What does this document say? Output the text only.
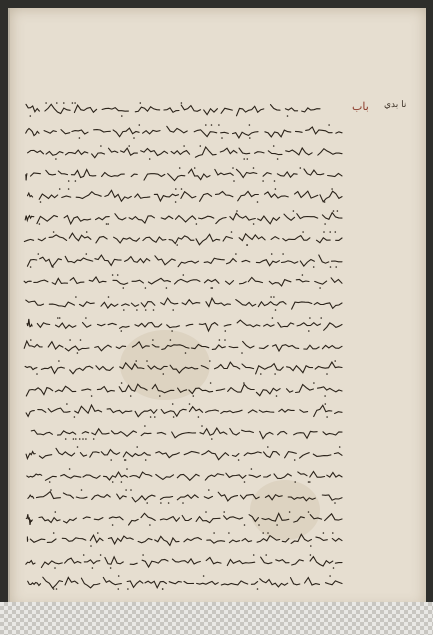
باب نا بدي
